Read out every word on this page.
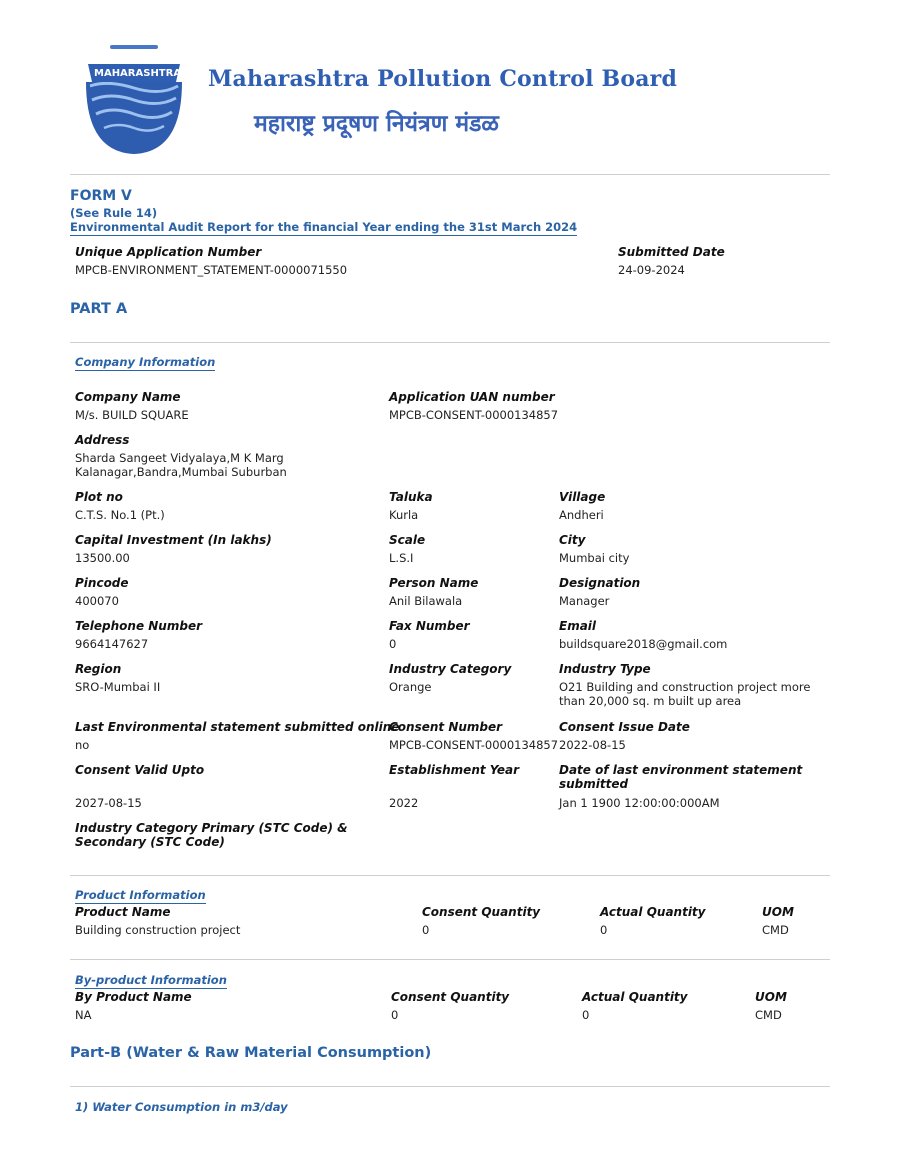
MAHARASHTRA Maharashtra Pollution Control Board
महाराष्ट्र प्रदूषण नियंत्रण मंडळ
FORM V
(See Rule 14)
Environmental Audit Report for the financial Year ending the 31st March 2024
Unique Application Number
MPCB-ENVIRONMENT_STATEMENT-0000071550
Submitted Date
24-09-2024
PART A
Company Information
Company Name
M/s. BUILD SQUARE
Application UAN number
MPCB-CONSENT-0000134857
Address
Sharda Sangeet Vidyalaya,M K Marg
Kalanagar,Bandra,Mumbai Suburban
Plot no
C.T.S. No.1 (Pt.)
Taluka
Kurla
Village
Andheri
Capital Investment (In lakhs)
13500.00
Scale
L.S.I
City
Mumbai city
Pincode
400070
Person Name
Anil Bilawala
Designation
Manager
Telephone Number
9664147627
Fax Number
0
Email
buildsquare2018@gmail.com
Region
SRO-Mumbai II
Industry Category
Orange
Industry Type
O21 Building and construction project more
than 20,000 sq. m built up area
Last Environmental statement submitted online
no
Consent Number
MPCB-CONSENT-0000134857
Consent Issue Date
2022-08-15
Consent Valid Upto
2027-08-15
Establishment Year
2022
Date of last environment statement
submitted
Jan 1 1900 12:00:00:000AM
Industry Category Primary (STC Code) &
Secondary (STC Code)
Product Information
Product Name	Consent Quantity	Actual Quantity	UOM
Building construction project	0	0	CMD
By-product Information
By Product Name	Consent Quantity	Actual Quantity	UOM
NA	0	0	CMD
Part-B (Water & Raw Material Consumption)
1) Water Consumption in m3/day
